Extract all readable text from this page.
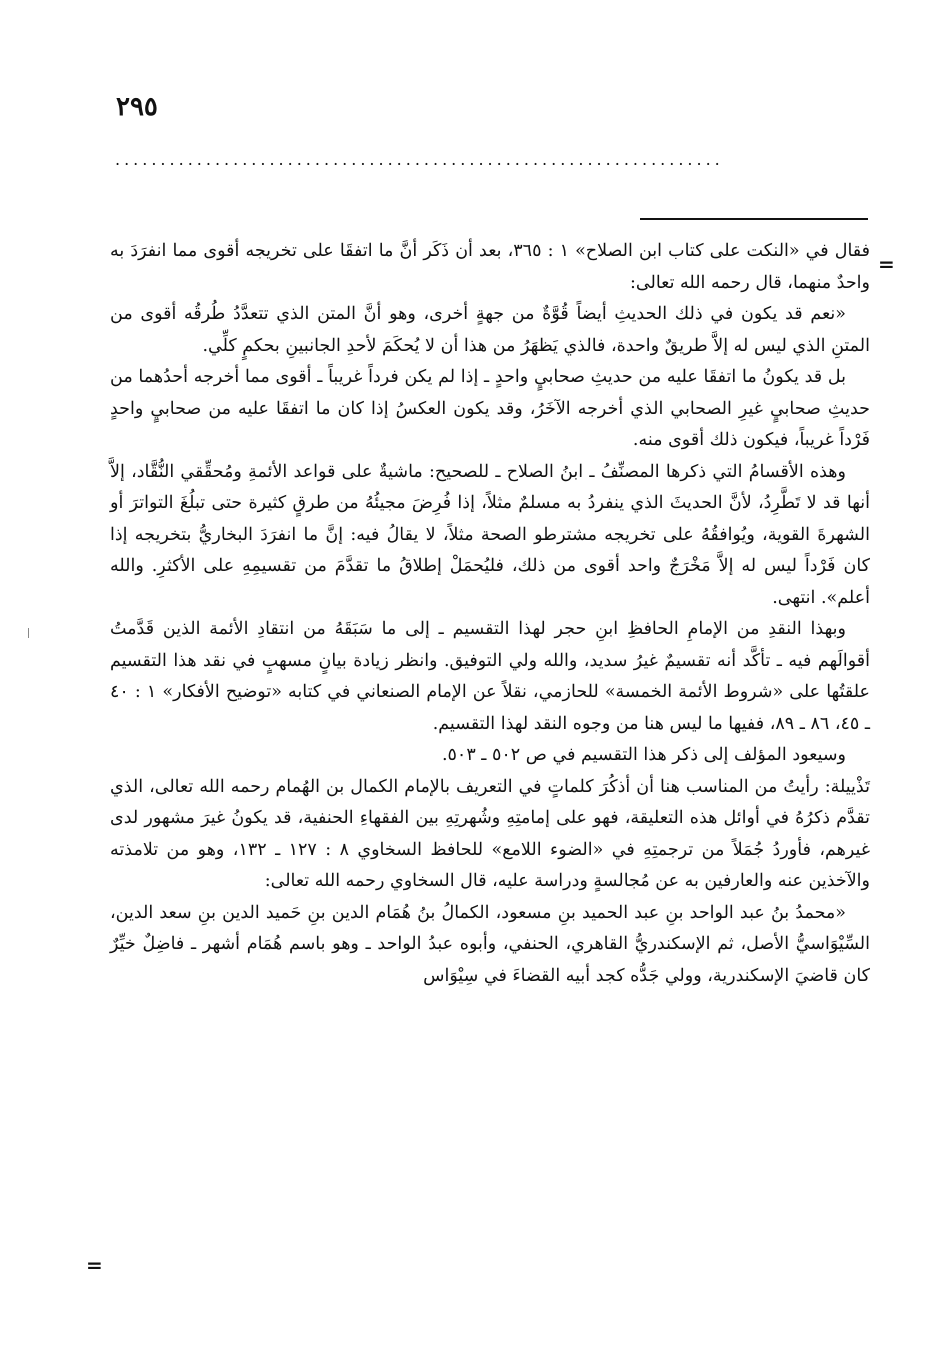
٢٩٥
...................................................................
=
=

فقال في «النكت على كتاب ابن الصلاح» ١ : ٣٦٥، بعد أن ذَكَر أنَّ ما اتفقَا على تخريجه أقوى مما انفرَدَ به واحدٌ منهما، قال رحمه الله تعالى:

«نعم قد يكون في ذلك الحديثِ أيضاً قُوَّةٌ من جهةٍ أخرى، وهو أنَّ المتن الذي تتعدَّدُ طُرقُه أقوى من المتنِ الذي ليس له إلاَّ طريقٌ واحدة، فالذي يَظهَرُ من هذا أن لا يُحكَمَ لأحدِ الجانبينِ بحكمٍ كلِّي.

بل قد يكونُ ما اتفقَا عليه من حديثِ صحابيٍ واحدٍ ـ إذا لم يكن فرداً غريباً ـ أقوى مما أخرجه أحدُهما من حديثِ صحابيٍ غيرِ الصحابي الذي أخرجه الآخَرُ، وقد يكون العكسُ إذا كان ما اتفقَا عليه من صحابيٍ واحدٍ فَرْداً غريباً، فيكون ذلك أقوى منه.

وهذه الأقسامُ التي ذكرها المصنِّفُ ـ ابنُ الصلاح ـ للصحيح: ماشيةٌ على قواعد الأئمةِ ومُحقِّقي النُّقَّاد، إلاَّ أنها قد لا تَطَّرِدُ، لأنَّ الحديثَ الذي ينفردُ به مسلمٌ مثلاً، إذا فُرِضَ مجيئُهُ من طرقٍ كثيرة حتى تبلُغَ التواترَ أو الشهرةَ القوية، ويُوافقُهُ على تخريجه مشترطو الصحة مثلاً، لا يقالُ فيه: إنَّ ما انفرَدَ البخاريُّ بتخريجه إذا كان فَرْداً ليس له إلاَّ مَخْرَجٌ واحد أقوى من ذلك، فليُحمَلْ إطلاقُ ما تقدَّمَ من تقسيمِهِ على الأكثرِ. والله أعلم». انتهى.

وبهذا النقدِ من الإمامِ الحافظِ ابنِ حجر لهذا التقسيم ـ إلى ما سَبَقَهُ من انتقادِ الأئمة الذين قَدَّمتُ أقوالَهم فيه ـ تأكَّد أنه تقسيمٌ غيرُ سديد، والله ولي التوفيق. وانظر زيادة بيانٍ مسهبٍ في نقد هذا التقسيم علقتُها على «شروط الأئمة الخمسة» للحازمي، نقلاً عن الإمام الصنعاني في كتابه «توضيح الأفكار» ١ : ٤٠ ـ ٤٥، ٨٦ ـ ٨٩، ففيها ما ليس هنا من وجوه النقد لهذا التقسيم.

وسيعود المؤلف إلى ذكر هذا التقسيم في ص ٥٠٢ ـ ٥٠٣.

تَذْييلة: رأيتُ من المناسب هنا أن أذكُرَ كلماتٍ في التعريف بالإمام الكمال بن الهُمام رحمه الله تعالى، الذي تقدَّم ذكرُهُ في أوائل هذه التعليقة، فهو على إمامتِهِ وشُهرتِهِ بين الفقهاءِ الحنفية، قد يكونُ غيرَ مشهور لدى غيرهم، فأوردُ جُمَلاً من ترجمتِهِ في «الضوء اللامع» للحافظ السخاوي ٨ : ١٢٧ ـ ١٣٢، وهو من تلامذته والآخذين عنه والعارفين به عن مُجالسةٍ ودراسة عليه، قال السخاوي رحمه الله تعالى:

«محمدُ بنُ عبد الواحد بنِ عبد الحميد بنِ مسعود، الكمالُ بنُ هُمَام الدين بنِ حَميد الدين بنِ سعد الدين، السِّيْوَاسيُّ الأصل، ثم الإسكندريُّ القاهري، الحنفي، وأبوه عبدُ الواحد ـ وهو باسم هُمَام أشهر ـ فاضِلٌ خيِّرٌ كان قاضيَ الإسكندرية، وولي جَدُّه كجد أبيه القضاءَ في سِيْوَاس
